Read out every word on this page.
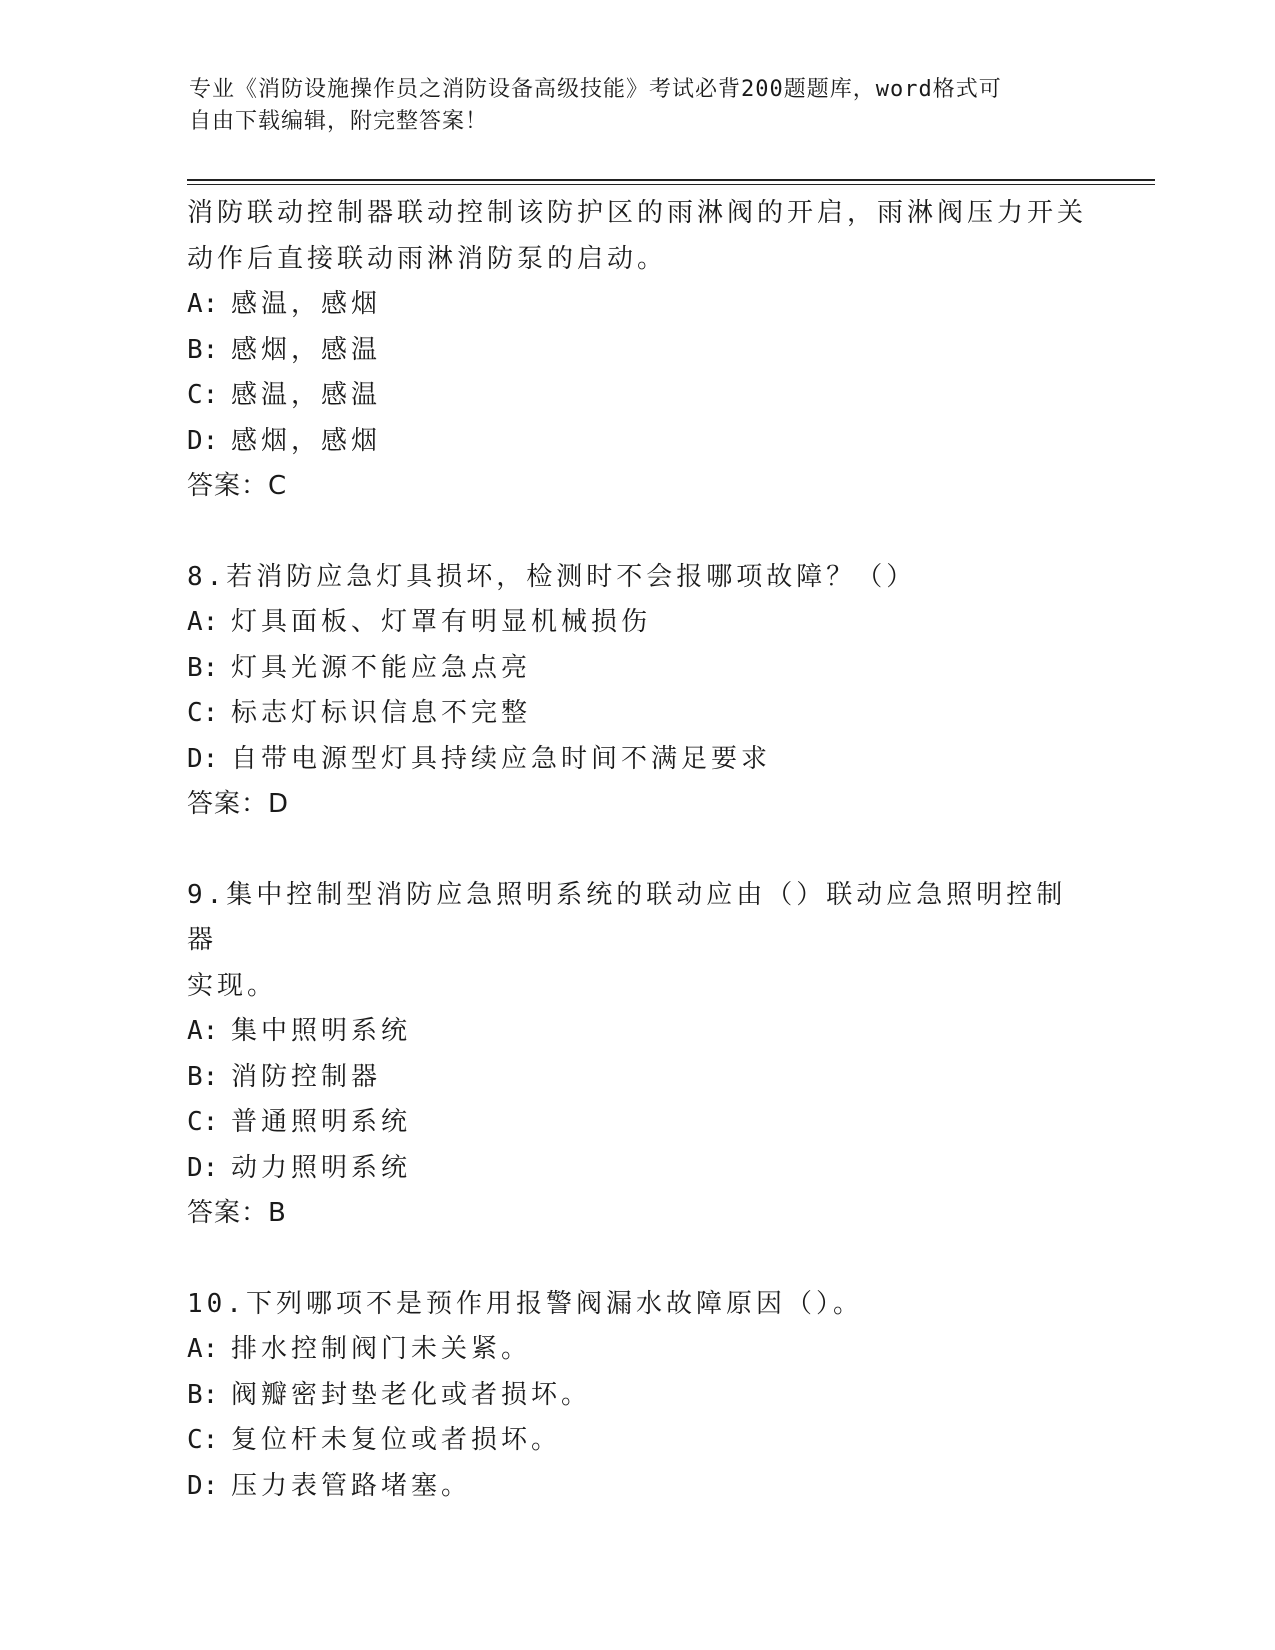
专业《消防设施操作员之消防设备高级技能》考试必背200题题库，word格式可
自由下载编辑，附完整答案！
消防联动控制器联动控制该防护区的雨淋阀的开启，雨淋阀压力开关
动作后直接联动雨淋消防泵的启动。
A: 感温，感烟
B: 感烟，感温
C: 感温，感温
D: 感烟，感烟
答案：C
8.若消防应急灯具损坏，检测时不会报哪项故障？（）
A: 灯具面板、灯罩有明显机械损伤
B: 灯具光源不能应急点亮
C: 标志灯标识信息不完整
D: 自带电源型灯具持续应急时间不满足要求
答案：D
9.集中控制型消防应急照明系统的联动应由（）联动应急照明控制器
实现。
A: 集中照明系统
B: 消防控制器
C: 普通照明系统
D: 动力照明系统
答案：B
10.下列哪项不是预作用报警阀漏水故障原因（）。
A: 排水控制阀门未关紧。
B: 阀瓣密封垫老化或者损坏。
C: 复位杆未复位或者损坏。
D: 压力表管路堵塞。
